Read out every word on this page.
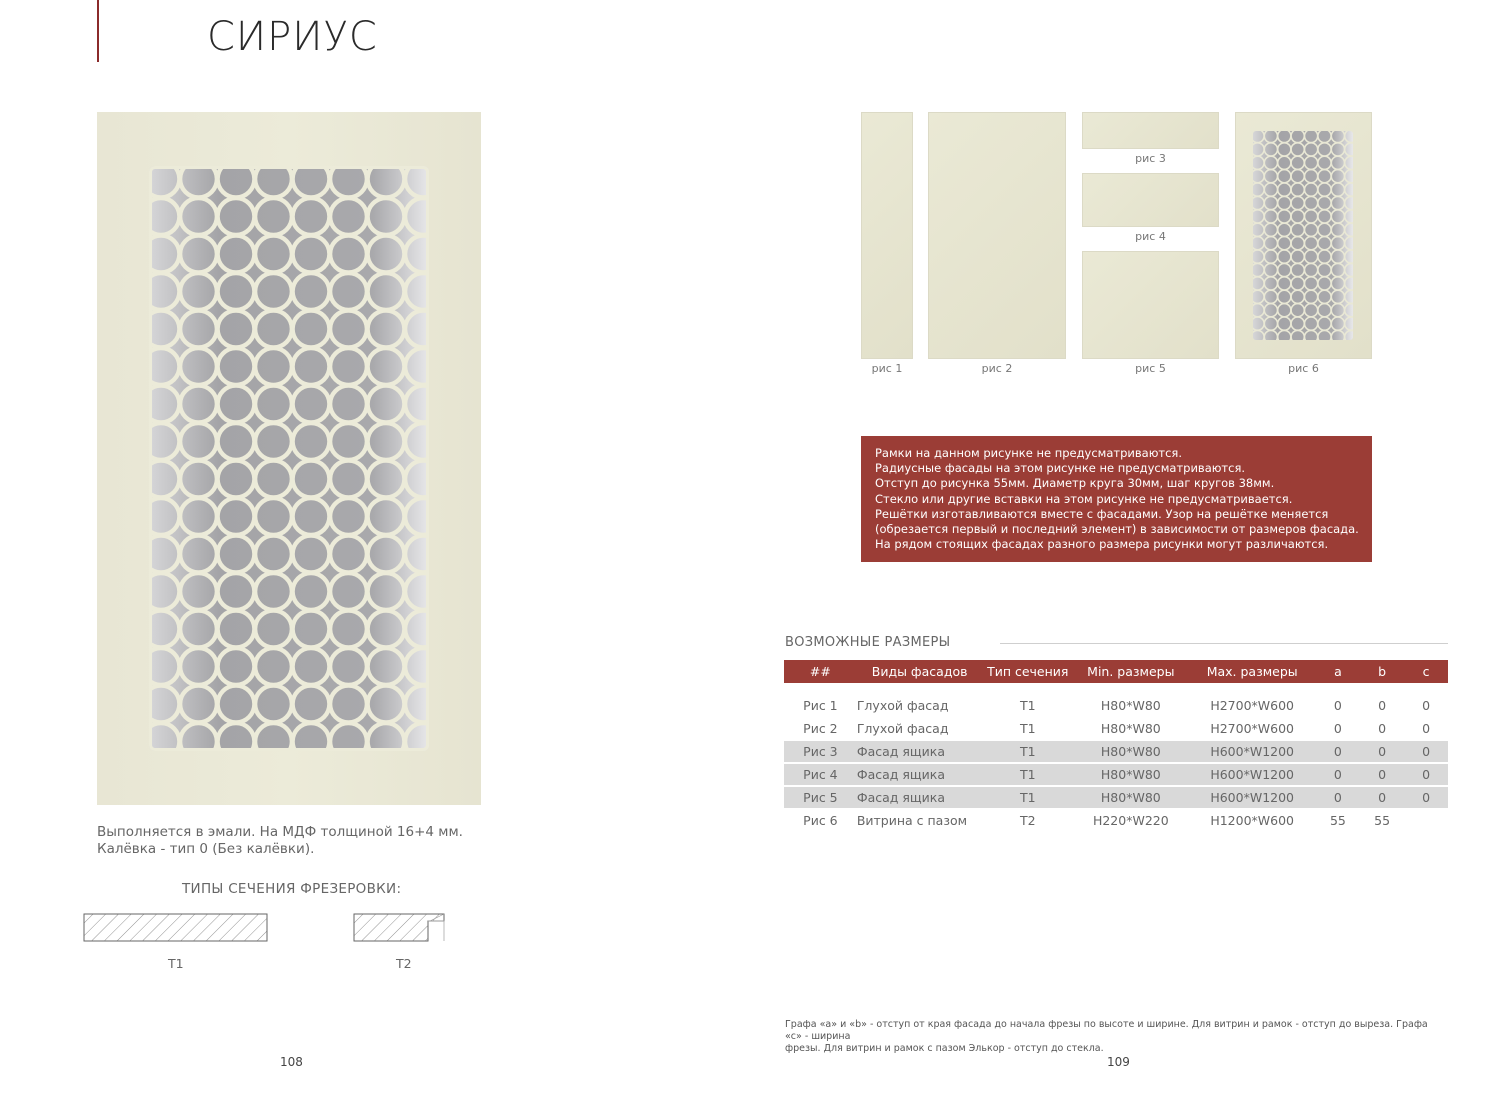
СИРИУС
Выполняется в эмали. На МДФ толщиной 16+4 мм.
Калёвка - тип 0 (Без калёвки).
ТИПЫ СЕЧЕНИЯ ФРЕЗЕРОВКИ:
T1	T2
рис 1	рис 2
рис 3
рис 4
рис 5	рис 6
Рамки на данном рисунке не предусматриваются.
Радиусные фасады на этом рисунке не предусматриваются.
Отступ до рисунка 55мм. Диаметр круга 30мм, шаг кругов 38мм.
Стекло или другие вставки на этом рисунке не предусматривается.
Решётки изготавливаются вместе с фасадами. Узор на решётке меняется
(обрезается первый и последний элемент) в зависимости от размеров фасада.
На рядом стоящих фасадах разного размера рисунки могут различаются.
ВОЗМОЖНЫЕ РАЗМЕРЫ
##	Виды фасадов	Тип сечения	Min. размеры	Max. размеры	a	b	c

Рис 1	Глухой фасад	T1	H80*W80	H2700*W600	0	0	0
Рис 2	Глухой фасад	T1	H80*W80	H2700*W600	0	0	0
Рис 3	Фасад ящика	T1	H80*W80	H600*W1200	0	0	0
Рис 4	Фасад ящика	T1	H80*W80	H600*W1200	0	0	0
Рис 5	Фасад ящика	T1	H80*W80	H600*W1200	0	0	0
Рис 6	Витрина с пазом	T2	H220*W220	H1200*W600	55	55	
Графа «a» и «b» - отступ от края фасада до начала фрезы по высоте и ширине. Для витрин и рамок - отступ до выреза. Графа «c» - ширина
фрезы. Для витрин и рамок с пазом Элькор - отступ до стекла.
108	109
